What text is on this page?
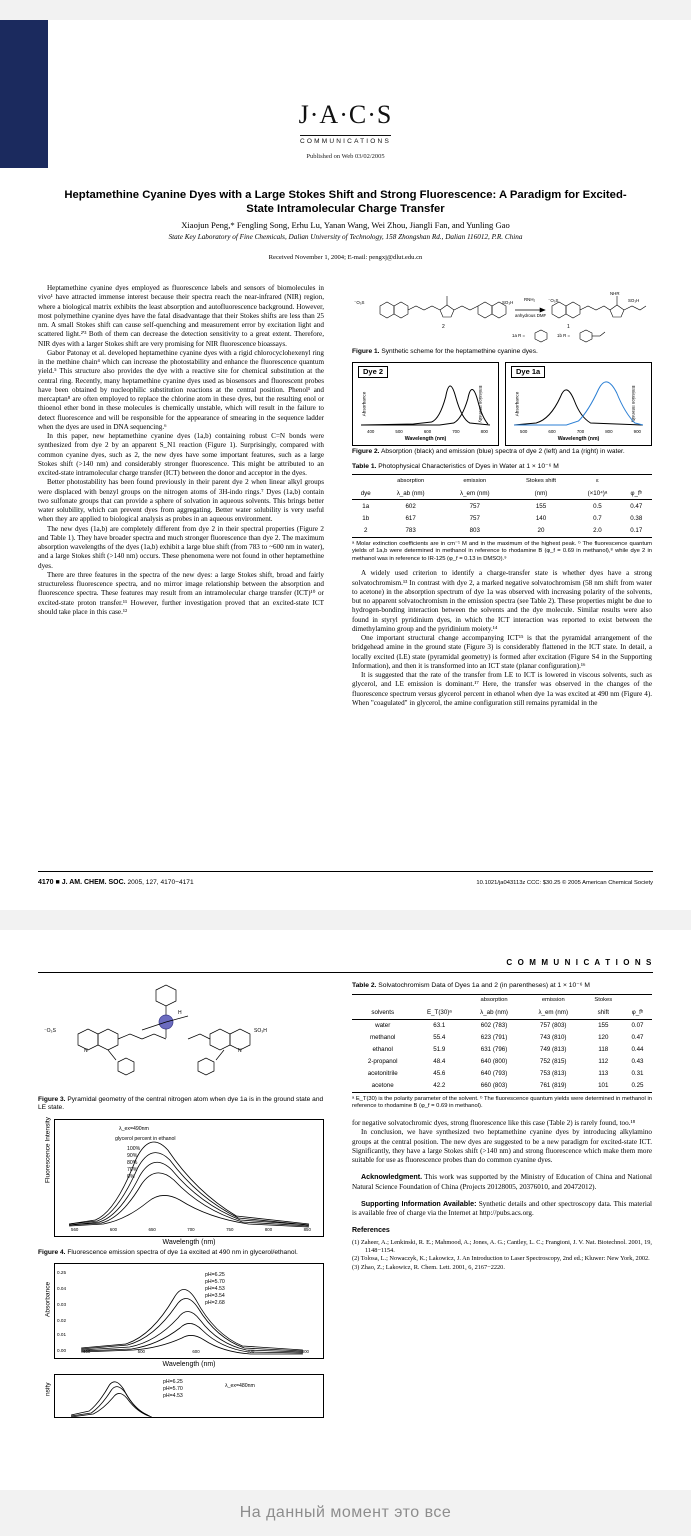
J·A·C·S
COMMUNICATIONS
Published on Web 03/02/2005
Heptamethine Cyanine Dyes with a Large Stokes Shift and Strong Fluorescence: A Paradigm for Excited-State Intramolecular Charge Transfer
Xiaojun Peng,* Fengling Song, Erhu Lu, Yanan Wang, Wei Zhou, Jiangli Fan, and Yunling Gao
State Key Laboratory of Fine Chemicals, Dalian University of Technology, 158 Zhongshan Rd., Dalian 116012, P.R. China
Received November 1, 2004; E-mail: pengxj@dlut.edu.cn

Heptamethine cyanine dyes employed as fluorescence labels and sensors of biomolecules in vivo¹ have attracted immense interest because their spectra reach the near-infrared (NIR) region, where a biological matrix exhibits the least absorption and autofluorescence background. However, most polymethine cyanine dyes have the fatal disadvantage that their Stokes shifts are less than 25 nm. A small Stokes shift can cause self-quenching and measurement error by excitation light and scattered light.²'³ Both of them can decrease the detection sensitivity to a great extent. Therefore, NIR dyes with a larger Stokes shift are very promising for NIR fluorescence bioassays.

Gabor Patonay et al. developed heptamethine cyanine dyes with a rigid chlorocyclohexenyl ring in the methine chain⁴ which can increase the photostability and enhance the fluorescence quantum yield.⁵ This structure also provides the dye with a reactive site for chemical substitution at the central ring. Recently, many heptamethine cyanine dyes used as biosensors and fluorescent probes have been obtained by nucleophilic substitution reactions at the central position. Phenol¹ and mercaptan⁸ are often employed to replace the chlorine atom in these dyes, but the resulting enol or thioenol ether bond in these molecules is chemically unstable, which will result in the failure to detect fluorescence and will be responsible for the appearance of smearing in the sequence ladder when the dyes are used in DNA sequencing.⁶

In this paper, new heptamethine cyanine dyes (1a,b) containing robust C=N bonds were synthesized from dye 2 by an apparent S_N1 reaction (Figure 1). Surprisingly, compared with common cyanine dyes, such as 2, the new dyes have some important features, such as a large Stokes shift (>140 nm) and considerably stronger fluorescence. This might be attributed to an excited-state intramolecular charge transfer (ICT) between the donor and acceptor in the dyes.

Better photostability has been found previously in their parent dye 2 when linear alkyl groups were displaced with benzyl groups on the nitrogen atoms of 3H-indo rings.⁷ Dyes (1a,b) contain two sulfonate groups that can provide a sphere of solvation in aqueous solvents. This brings better water solubility, which can prevent dyes from aggregating. Better water solubility is very useful when they are applied to biological analysis as probes in an aqueous environment.

The new dyes (1a,b) are completely different from dye 2 in their spectral properties (Figure 2 and Table 1). They have broader spectra and much stronger fluorescence than dye 2. The maximum absorption wavelengths of the dyes (1a,b) exhibit a large blue shift (from 783 to ~600 nm in water), and a large Stokes shift (>140 nm) occurs. These phenomena were not found in other heptamethine dyes.

There are three features in the spectra of the new dyes: a large Stokes shift, broad and fairly structureless fluorescence spectra, and no mirror image relationship between the absorption and fluorescence spectra. These features may result from an intramolecular charge transfer (ICT)¹⁰ or excited-state proton transfer.¹¹ However, further investigation proved that an excited-state ICT should take place in this case.¹²

⁻O₃S	SO₃H
RNH₂
anhydrous DMF
⁻O₃S
NHR
SO₃H
2	1
1a R =	1b R =
Figure 1. Synthetic scheme for the heptamethine cyanine dyes.
Dye 2
Absorbance	Emission Intensity
400	500	600	700	800
Wavelength (nm)
Dye 1a
Absorbance	Emission Intensity
500	600	700	800	900
Wavelength (nm)
Figure 2. Absorption (black) and emission (blue) spectra of dye 2 (left) and 1a (right) in water.
Table 1. Photophysical Characteristics of Dyes in Water at 1 × 10⁻⁶ M
	absorption	emission	Stokes shift	ε	
dye	λ_ab (nm)	λ_em (nm)	(nm)	(×10⁴)ᵃ	φ_fᵇ
1a	602	757	155	0.5	0.47
1b	617	757	140	0.7	0.38
2	783	803	20	2.0	0.17
ᵃ Molar extinction coefficients are in cm⁻¹ M and in the maximum of the highest peak. ᵇ The fluorescence quantum yields of 1a,b were determined in methanol in reference to rhodamine B (φ_f = 0.69 in methanol),⁸ while dye 2 in methanol was in reference to IR-125 (φ_f = 0.13 in DMSO).⁹

A widely used criterion to identify a charge-transfer state is whether dyes have a strong solvatochromism.¹³ In contrast with dye 2, a marked negative solvatochromism (58 nm shift from water to acetone) in the absorption spectrum of dye 1a was observed with increasing polarity of the solvents, but no apparent solvatochromism in the emission spectra (see Table 2). These properties might be due to hydrogen-bonding interaction between the solvents and the dye molecule. Similar results were also found in styryl pyridinium dyes, in which the ICT interaction was reported to exist between the dimethylamino group and the pyridinium moiety.¹⁴

One important structural change accompanying ICT¹⁵ is that the pyramidal arrangement of the bridgehead amine in the ground state (Figure 3) is considerably flattened in the ICT state. In detail, a locally excited (LE) state (pyramidal geometry) is formed after excitation (Figure S4 in the Supporting Information), and then it is transformed into an ICT state (planar configuration).¹⁶

It is suggested that the rate of the transfer from LE to ICT is lowered in viscous solvents, such as glycerol, and LE emission is dominant.¹⁷ Here, the transfer was observed in the changes of the fluorescence spectrum versus glycerol percent in ethanol when dye 1a was excited at 490 nm (Figure 4). When "coagulated" in glycerol, the amine configuration still remains pyramidal in the

4170 ■ J. AM. CHEM. SOC. 2005, 127, 4170−4171	10.1021/ja043113z CCC: $30.25 © 2005 American Chemical Society
C O M M U N I C A T I O N S
⁻O₃S	SO₃H
H
N	N
Figure 3. Pyramidal geometry of the central nitrogen atom when dye 1a is in the ground state and LE state.
Fluorescence Intensity	λ_ex=490nm
glycerol percent in ethanol
100%
90%
80%
70%
0%
560	600	650	700	750	800	850
Wavelength (nm)
Figure 4. Fluorescence emission spectra of dye 1a excited at 490 nm in glycerol/ethanol.
Absorbance
0.25
0.04
0.03
0.02
0.01
0.00
pH=6.25
pH=5.70
pH=4.53
pH=3.54
pH=2.68
400	500	600	700	800
Wavelength (nm)
nsity
pH=6.25
pH=5.70
pH=4.53
λ_ex=480nm
Table 2. Solvatochromism Data of Dyes 1a and 2 (in parentheses) at 1 × 10⁻⁶ M
		absorption	emission	Stokes	
solvents	E_T(30)ᵃ	λ_ab (nm)	λ_em (nm)	shift	φ_fᵇ
water	63.1	602 (783)	757 (803)	155	0.07
methanol	55.4	623 (791)	743 (810)	120	0.47
ethanol	51.9	631 (796)	749 (813)	118	0.44
2-propanol	48.4	640 (800)	752 (815)	112	0.43
acetonitrile	45.6	640 (793)	753 (813)	113	0.31
acetone	42.2	660 (803)	761 (819)	101	0.25
ᵃ E_T(30) is the polarity parameter of the solvent. ᵇ The fluorescence quantum yields were determined in methanol in reference to rhodamine B (φ_f = 0.69 in methanol).

for negative solvatochromic dyes, strong fluorescence like this case (Table 2) is rarely found, too.¹⁸

In conclusion, we have synthesized two heptamethine cyanine dyes by introducing alkylamino groups at the central position. The new dyes are suggested to be a new paradigm for excited-state ICT. Significantly, they have a large Stokes shift (>140 nm) and strong fluorescence which make them more suitable for use as fluorescence probes than do common cyanine dyes.

Acknowledgment. This work was supported by the Ministry of Education of China and National Natural Science Foundation of China (Projects 20128005, 20376010, and 20472012).

Supporting Information Available: Synthetic details and other spectroscopy data. This material is available free of charge via the Internet at http://pubs.acs.org.

References
(1) Zaheer, A.; Lenkinski, R. E.; Mahmood, A.; Jones, A. G.; Cantley, L. C.; Frangioni, J. V. Nat. Biotechnol. 2001, 19, 1148−1154.
(2) Tolosa, L.; Nowaczyk, K.; Lakowicz, J. An Introduction to Laser Spectroscopy, 2nd ed.; Kluwer: New York, 2002.
(3) Zhao, Z.; Lakowicz, R. Chem. Lett. 2001, 6, 2167−2220.
На данный момент это все
